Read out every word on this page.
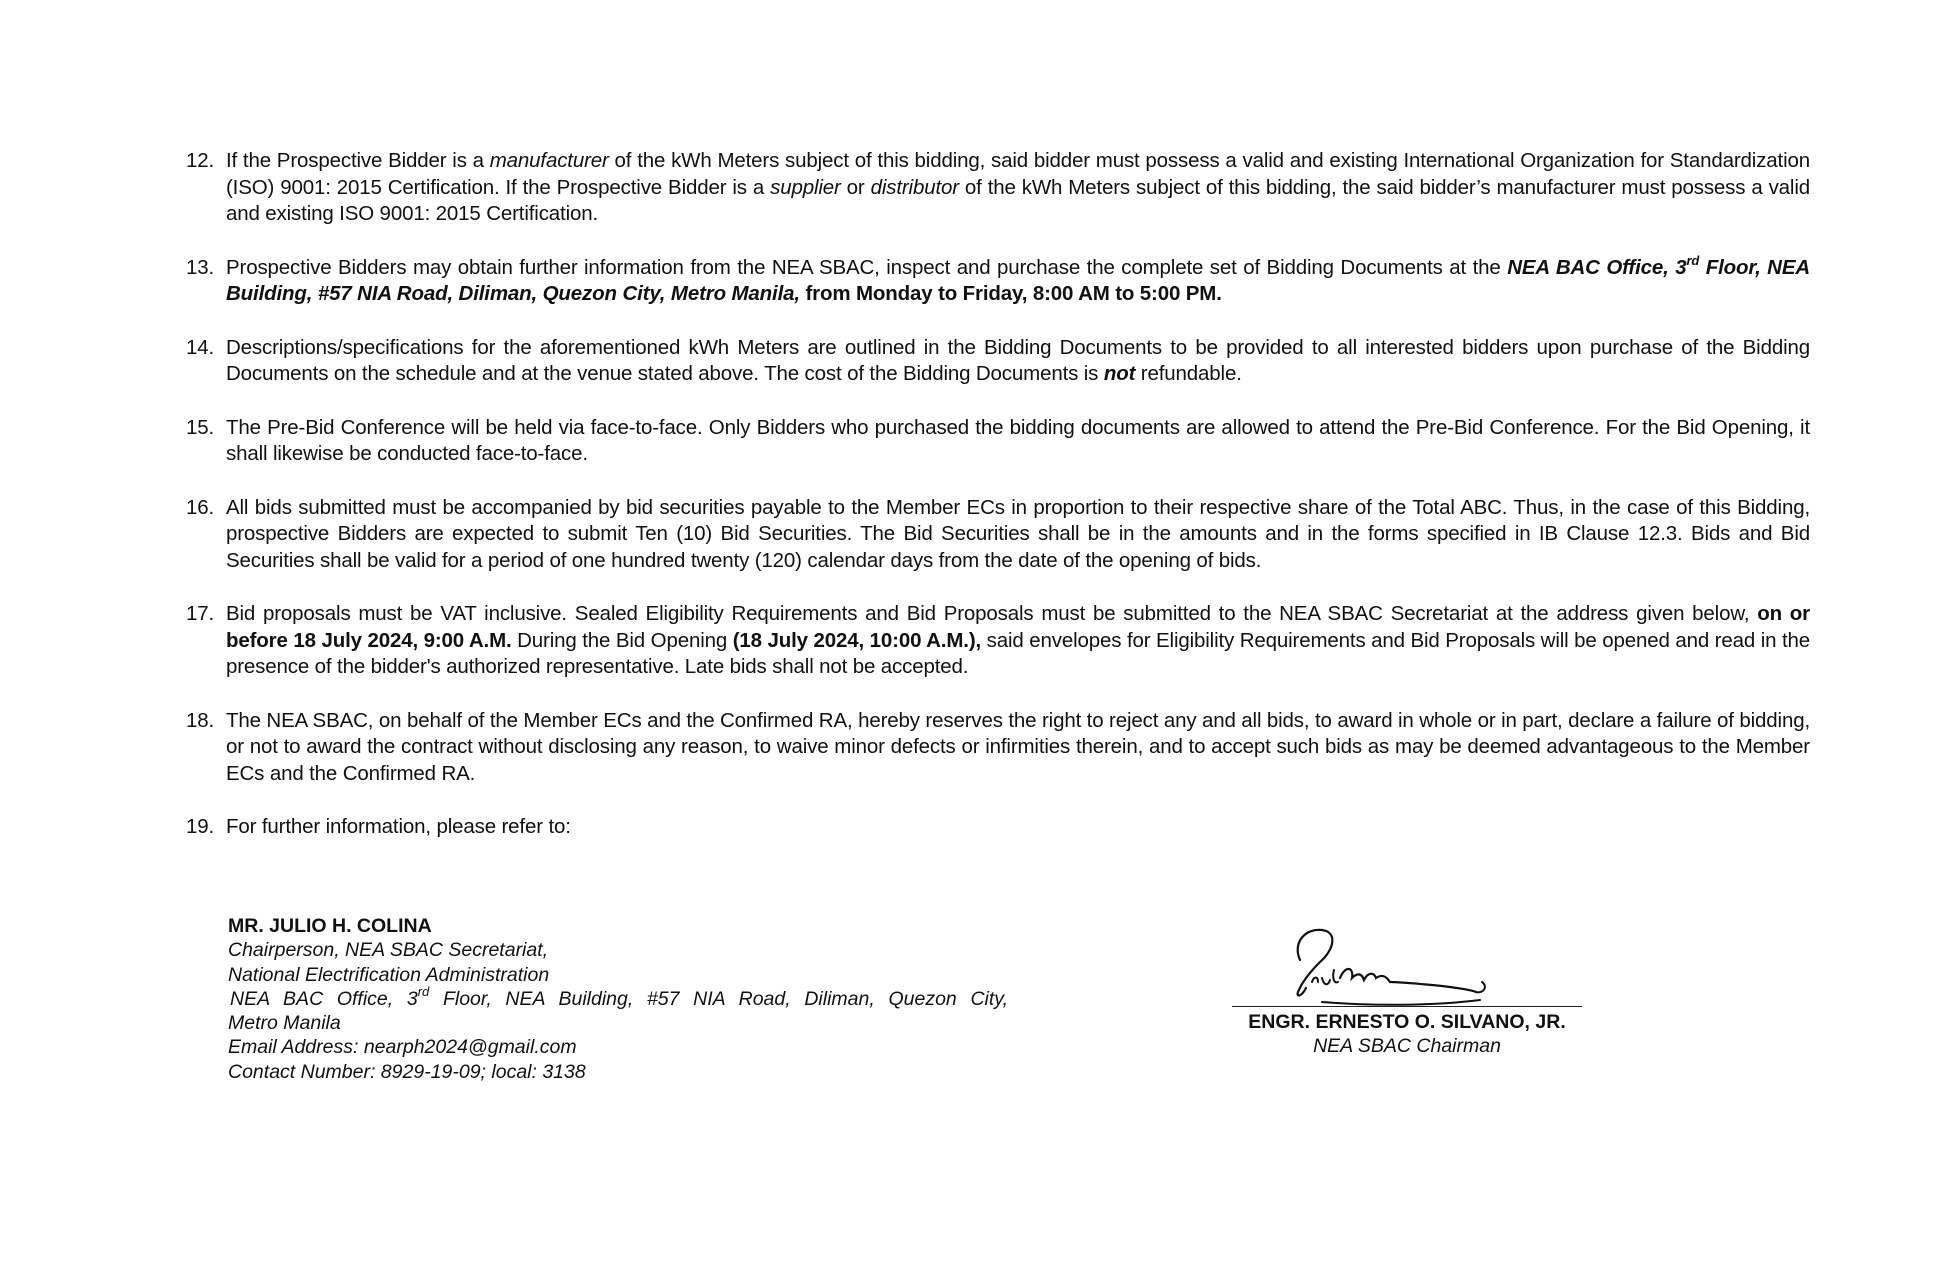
12. If the Prospective Bidder is a manufacturer of the kWh Meters subject of this bidding, said bidder must possess a valid and existing International Organization for Standardization (ISO) 9001: 2015 Certification. If the Prospective Bidder is a supplier or distributor of the kWh Meters subject of this bidding, the said bidder’s manufacturer must possess a valid and existing ISO 9001: 2015 Certification.
13. Prospective Bidders may obtain further information from the NEA SBAC, inspect and purchase the complete set of Bidding Documents at the NEA BAC Office, 3rd Floor, NEA Building, #57 NIA Road, Diliman, Quezon City, Metro Manila, from Monday to Friday, 8:00 AM to 5:00 PM.
14. Descriptions/specifications for the aforementioned kWh Meters are outlined in the Bidding Documents to be provided to all interested bidders upon purchase of the Bidding Documents on the schedule and at the venue stated above. The cost of the Bidding Documents is not refundable.
15. The Pre-Bid Conference will be held via face-to-face. Only Bidders who purchased the bidding documents are allowed to attend the Pre-Bid Conference. For the Bid Opening, it shall likewise be conducted face-to-face.
16. All bids submitted must be accompanied by bid securities payable to the Member ECs in proportion to their respective share of the Total ABC. Thus, in the case of this Bidding, prospective Bidders are expected to submit Ten (10) Bid Securities. The Bid Securities shall be in the amounts and in the forms specified in IB Clause 12.3. Bids and Bid Securities shall be valid for a period of one hundred twenty (120) calendar days from the date of the opening of bids.
17. Bid proposals must be VAT inclusive. Sealed Eligibility Requirements and Bid Proposals must be submitted to the NEA SBAC Secretariat at the address given below, on or before 18 July 2024, 9:00 A.M. During the Bid Opening (18 July 2024, 10:00 A.M.), said envelopes for Eligibility Requirements and Bid Proposals will be opened and read in the presence of the bidder's authorized representative. Late bids shall not be accepted.
18. The NEA SBAC, on behalf of the Member ECs and the Confirmed RA, hereby reserves the right to reject any and all bids, to award in whole or in part, declare a failure of bidding, or not to award the contract without disclosing any reason, to waive minor defects or infirmities therein, and to accept such bids as may be deemed advantageous to the Member ECs and the Confirmed RA.
19. For further information, please refer to:
MR. JULIO H. COLINA
Chairperson, NEA SBAC Secretariat,
National Electrification Administration
NEA BAC Office, 3rd Floor, NEA Building, #57 NIA Road, Diliman, Quezon City,
Metro Manila
Email Address: nearph2024@gmail.com
Contact Number: 8929-19-09; local: 3138
ENGR. ERNESTO O. SILVANO, JR.
NEA SBAC Chairman
